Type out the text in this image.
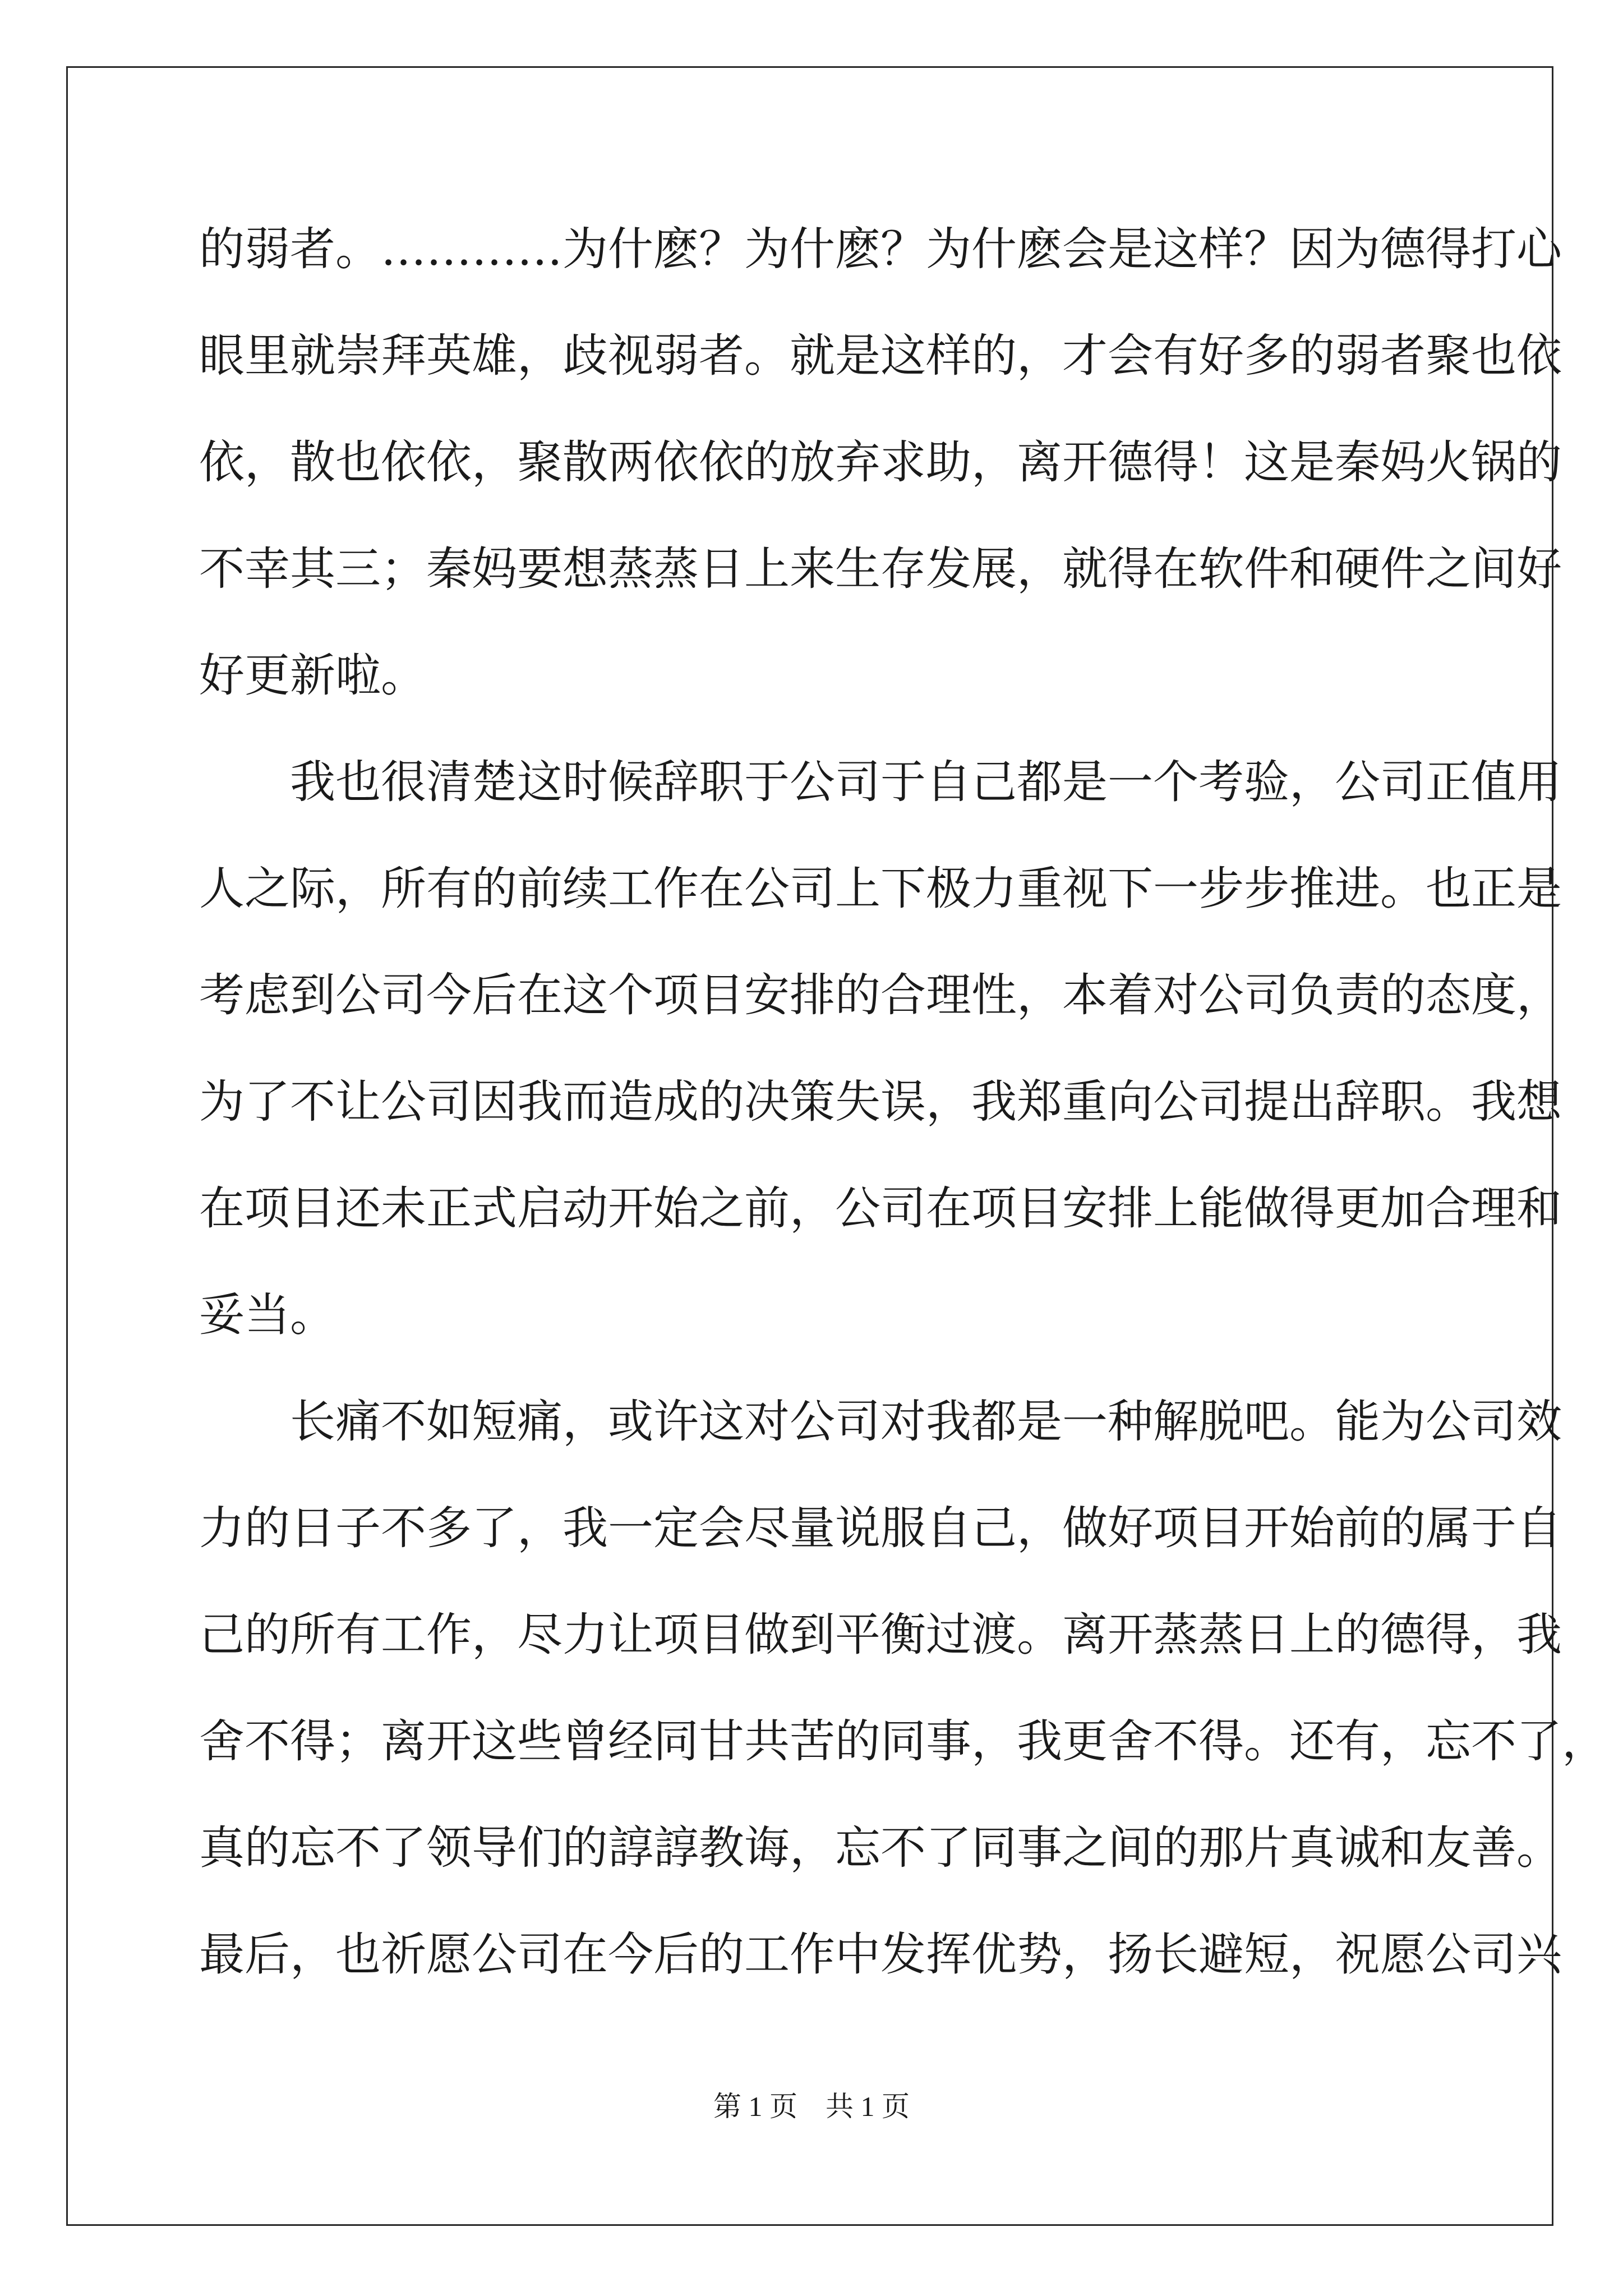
的弱者。…………为什麽？为什麽？为什麽会是这样？因为德得打心
眼里就崇拜英雄，歧视弱者。就是这样的，才会有好多的弱者聚也依
依，散也依依，聚散两依依的放弃求助，离开德得！这是秦妈火锅的
不幸其三；秦妈要想蒸蒸日上来生存发展，就得在软件和硬件之间好
好更新啦。
我也很清楚这时候辞职于公司于自己都是一个考验，公司正值用
人之际，所有的前续工作在公司上下极力重视下一步步推进。也正是
考虑到公司今后在这个项目安排的合理性，本着对公司负责的态度，
为了不让公司因我而造成的决策失误，我郑重向公司提出辞职。我想
在项目还未正式启动开始之前，公司在项目安排上能做得更加合理和
妥当。
长痛不如短痛，或许这对公司对我都是一种解脱吧。能为公司效
力的日子不多了，我一定会尽量说服自己，做好项目开始前的属于自
己的所有工作，尽力让项目做到平衡过渡。离开蒸蒸日上的德得，我
舍不得；离开这些曾经同甘共苦的同事，我更舍不得。还有，忘不了，
真的忘不了领导们的諄諄教诲，忘不了同事之间的那片真诚和友善。
最后，也祈愿公司在今后的工作中发挥优势，扬长避短，祝愿公司兴
第 1 页　共 1 页
